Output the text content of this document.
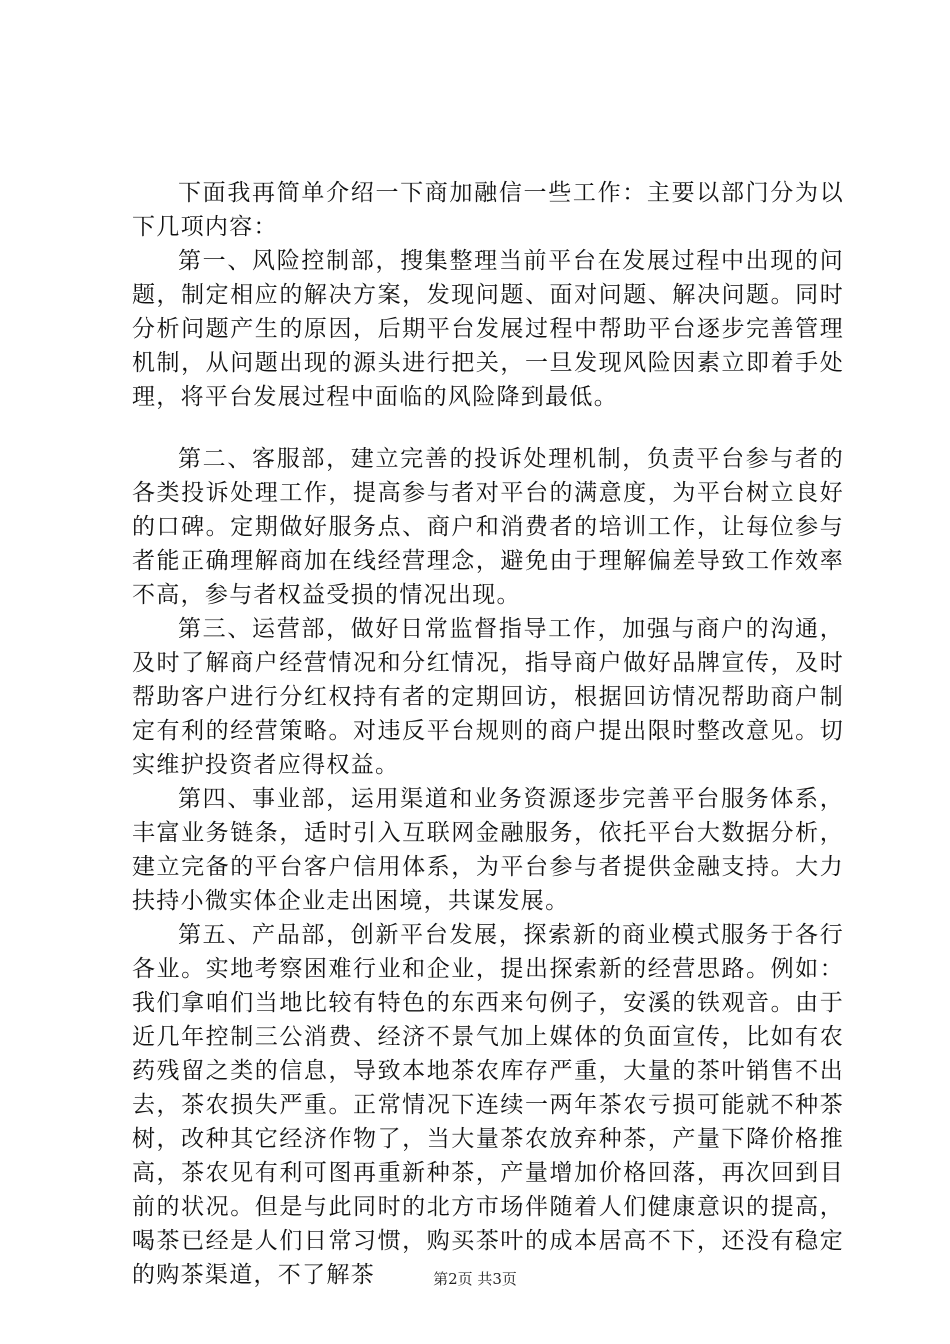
下面我再简单介绍一下商加融信一些工作：主要以部门分为以下几项内容：

第一、风险控制部，搜集整理当前平台在发展过程中出现的问题，制定相应的解决方案，发现问题、面对问题、解决问题。同时分析问题产生的原因，后期平台发展过程中帮助平台逐步完善管理机制，从问题出现的源头进行把关，一旦发现风险因素立即着手处理，将平台发展过程中面临的风险降到最低。

第二、客服部，建立完善的投诉处理机制，负责平台参与者的各类投诉处理工作，提高参与者对平台的满意度，为平台树立良好的口碑。定期做好服务点、商户和消费者的培训工作，让每位参与者能正确理解商加在线经营理念，避免由于理解偏差导致工作效率不高，参与者权益受损的情况出现。

第三、运营部，做好日常监督指导工作，加强与商户的沟通，及时了解商户经营情况和分红情况，指导商户做好品牌宣传，及时帮助客户进行分红权持有者的定期回访，根据回访情况帮助商户制定有利的经营策略。对违反平台规则的商户提出限时整改意见。切实维护投资者应得权益。

第四、事业部，运用渠道和业务资源逐步完善平台服务体系，丰富业务链条，适时引入互联网金融服务，依托平台大数据分析，建立完备的平台客户信用体系，为平台参与者提供金融支持。大力扶持小微实体企业走出困境，共谋发展。

第五、产品部，创新平台发展，探索新的商业模式服务于各行各业。实地考察困难行业和企业，提出探索新的经营思路。例如：我们拿咱们当地比较有特色的东西来句例子，安溪的铁观音。由于近几年控制三公消费、经济不景气加上媒体的负面宣传，比如有农药残留之类的信息，导致本地茶农库存严重，大量的茶叶销售不出去，茶农损失严重。正常情况下连续一两年茶农亏损可能就不种茶树，改种其它经济作物了，当大量茶农放弃种茶，产量下降价格推高，茶农见有利可图再重新种茶，产量增加价格回落，再次回到目前的状况。但是与此同时的北方市场伴随着人们健康意识的提高，喝茶已经是人们日常习惯，购买茶叶的成本居高不下，还没有稳定的购茶渠道，不了解茶	第2页 共3页
